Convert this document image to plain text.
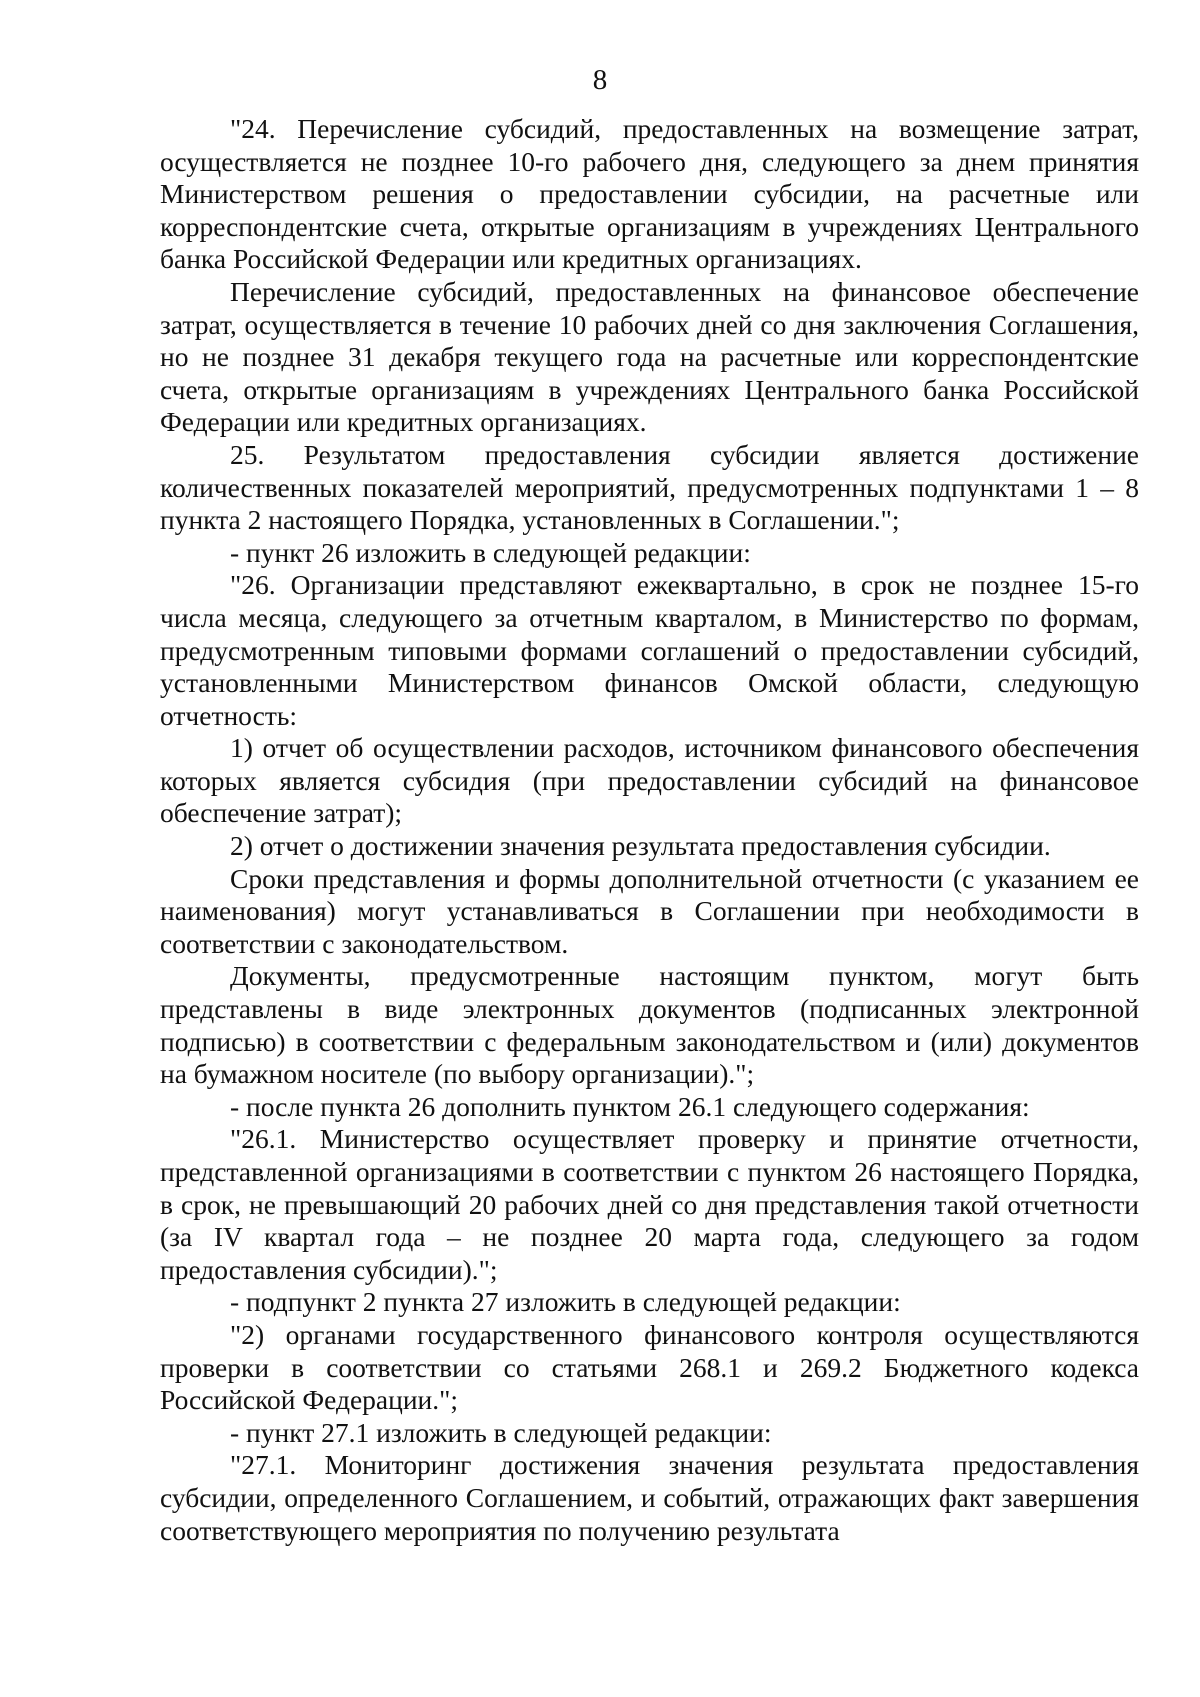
8

"24. Перечисление субсидий, предоставленных на возмещение затрат, осуществляется не позднее 10-го рабочего дня, следующего за днем принятия Министерством решения о предоставлении субсидии, на расчетные или корреспондентские счета, открытые организациям в учреждениях Центрального банка Российской Федерации или кредитных организациях.

Перечисление субсидий, предоставленных на финансовое обеспечение затрат, осуществляется в течение 10 рабочих дней со дня заключения Соглашения, но не позднее 31 декабря текущего года на расчетные или корреспондентские счета, открытые организациям в учреждениях Центрального банка Российской Федерации или кредитных организациях.

25. Результатом предоставления субсидии является достижение количественных показателей мероприятий, предусмотренных подпунктами 1 – 8 пункта 2 настоящего Порядка, установленных в Соглашении.";

- пункт 26 изложить в следующей редакции:

"26. Организации представляют ежеквартально, в срок не позднее 15-го числа месяца, следующего за отчетным кварталом, в Министерство по формам, предусмотренным типовыми формами соглашений о предоставлении субсидий, установленными Министерством финансов Омской области, следующую отчетность:

1) отчет об осуществлении расходов, источником финансового обеспечения которых является субсидия (при предоставлении субсидий на финансовое обеспечение затрат);

2) отчет о достижении значения результата предоставления субсидии.

Сроки представления и формы дополнительной отчетности (с указанием ее наименования) могут устанавливаться в Соглашении при необходимости в соответствии с законодательством.

Документы, предусмотренные настоящим пунктом, могут быть представлены в виде электронных документов (подписанных электронной подписью) в соответствии с федеральным законодательством и (или) документов на бумажном носителе (по выбору организации).";

- после пункта 26 дополнить пунктом 26.1 следующего содержания:

"26.1. Министерство осуществляет проверку и принятие отчетности, представленной организациями в соответствии с пунктом 26 настоящего Порядка, в срок, не превышающий 20 рабочих дней со дня представления такой отчетности (за IV квартал года – не позднее 20 марта года, следующего за годом предоставления субсидии).";

- подпункт 2 пункта 27 изложить в следующей редакции:

"2) органами государственного финансового контроля осуществляются проверки в соответствии со статьями 268.1 и 269.2 Бюджетного кодекса Российской Федерации.";

- пункт 27.1 изложить в следующей редакции:

"27.1. Мониторинг достижения значения результата предоставления субсидии, определенного Соглашением, и событий, отражающих факт завершения соответствующего мероприятия по получению результата
